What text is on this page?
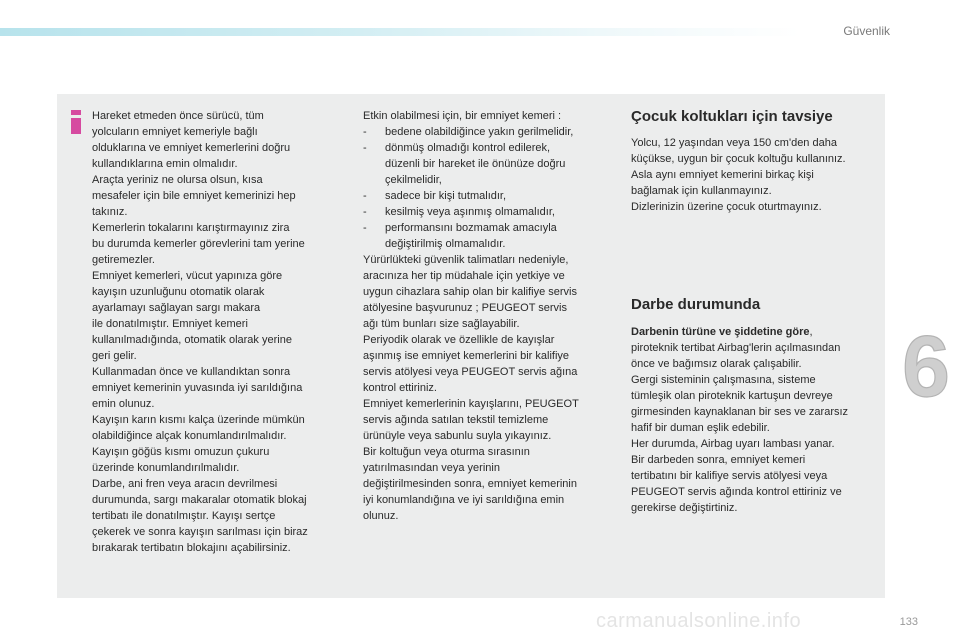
Güvenlik
Hareket etmeden önce sürücü, tüm
yolcuların emniyet kemeriyle bağlı
olduklarına ve emniyet kemerlerini doğru
kullandıklarına emin olmalıdır.
Araçta yeriniz ne olursa olsun, kısa
mesafeler için bile emniyet kemerinizi hep
takınız.
Kemerlerin tokalarını karıştırmayınız zira
bu durumda kemerler görevlerini tam yerine
getiremezler.
Emniyet kemerleri, vücut yapınıza göre
kayışın uzunluğunu otomatik olarak
ayarlamayı sağlayan sargı makara
ile donatılmıştır. Emniyet kemeri
kullanılmadığında, otomatik olarak yerine
geri gelir.
Kullanmadan önce ve kullandıktan sonra
emniyet kemerinin yuvasında iyi sarıldığına
emin olunuz.
Kayışın karın kısmı kalça üzerinde mümkün
olabildiğince alçak konumlandırılmalıdır.
Kayışın göğüs kısmı omuzun çukuru
üzerinde konumlandırılmalıdır.
Darbe, ani fren veya aracın devrilmesi
durumunda, sargı makaralar otomatik blokaj
tertibatı ile donatılmıştır. Kayışı sertçe
çekerek ve sonra kayışın sarılması için biraz
bırakarak tertibatın blokajını açabilirsiniz.
Etkin olabilmesi için, bir emniyet kemeri :
-	bedene olabildiğince yakın gerilmelidir,
-	dönmüş olmadığı kontrol edilerek,
düzenli bir hareket ile önünüze doğru
çekilmelidir,
-	sadece bir kişi tutmalıdır,
-	kesilmiş veya aşınmış olmamalıdır,
-	performansını bozmamak amacıyla
değiştirilmiş olmamalıdır.
Yürürlükteki güvenlik talimatları nedeniyle,
aracınıza her tip müdahale için yetkiye ve
uygun cihazlara sahip olan bir kalifiye servis
atölyesine başvurunuz ; PEUGEOT servis
ağı tüm bunları size sağlayabilir.
Periyodik olarak ve özellikle de kayışlar
aşınmış ise emniyet kemerlerini bir kalifiye
servis atölyesi veya PEUGEOT servis ağına
kontrol ettiriniz.
Emniyet kemerlerinin kayışlarını, PEUGEOT
servis ağında satılan tekstil temizleme
ürünüyle veya sabunlu suyla yıkayınız.
Bir koltuğun veya oturma sırasının
yatırılmasından veya yerinin
değiştirilmesinden sonra, emniyet kemerinin
iyi konumlandığına ve iyi sarıldığına emin
olunuz.
Çocuk koltukları için tavsiye
Yolcu, 12 yaşından veya 150 cm'den daha
küçükse, uygun bir çocuk koltuğu kullanınız.
Asla aynı emniyet kemerini birkaç kişi
bağlamak için kullanmayınız.
Dizlerinizin üzerine çocuk oturtmayınız.
Darbe durumunda
Darbenin türüne ve şiddetine göre,
piroteknik tertibat Airbag'lerin açılmasından
önce ve bağımsız olarak çalışabilir.
Gergi sisteminin çalışmasına, sisteme
tümleşik olan piroteknik kartuşun devreye
girmesinden kaynaklanan bir ses ve zararsız
hafif bir duman eşlik edebilir.
Her durumda, Airbag uyarı lambası yanar.
Bir darbeden sonra, emniyet kemeri
tertibatını bir kalifiye servis atölyesi veya
PEUGEOT servis ağında kontrol ettiriniz ve
gerekirse değiştirtiniz.
6
carmanualsonline.info	133
